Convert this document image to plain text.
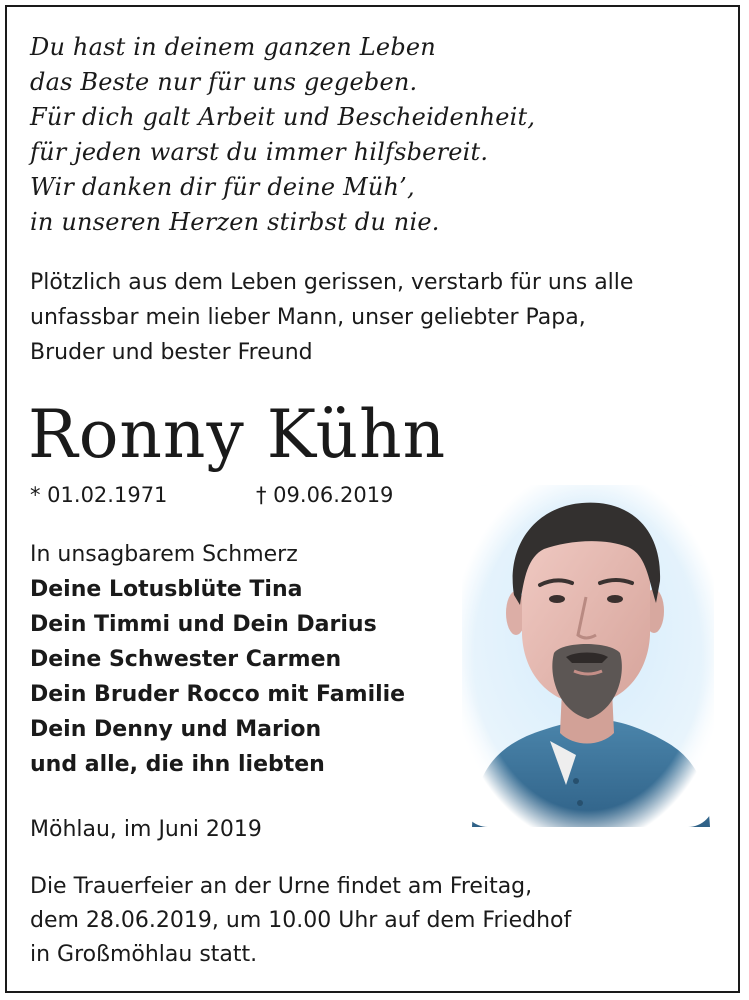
Du hast in deinem ganzen Leben
das Beste nur für uns gegeben.
Für dich galt Arbeit und Bescheidenheit,
für jeden warst du immer hilfsbereit.
Wir danken dir für deine Müh’,
in unseren Herzen stirbst du nie.
Plötzlich aus dem Leben gerissen, verstarb für uns alle
unfassbar mein lieber Mann, unser geliebter Papa,
Bruder und bester Freund
Ronny Kühn
* 01.02.1971	† 09.06.2019
In unsagbarem Schmerz
Deine Lotusblüte Tina
Dein Timmi und Dein Darius
Deine Schwester Carmen
Dein Bruder Rocco mit Familie
Dein Denny und Marion
und alle, die ihn liebten
Möhlau, im Juni 2019
Die Trauerfeier an der Urne findet am Freitag,
dem 28.06.2019, um 10.00 Uhr auf dem Friedhof
in Großmöhlau statt.
